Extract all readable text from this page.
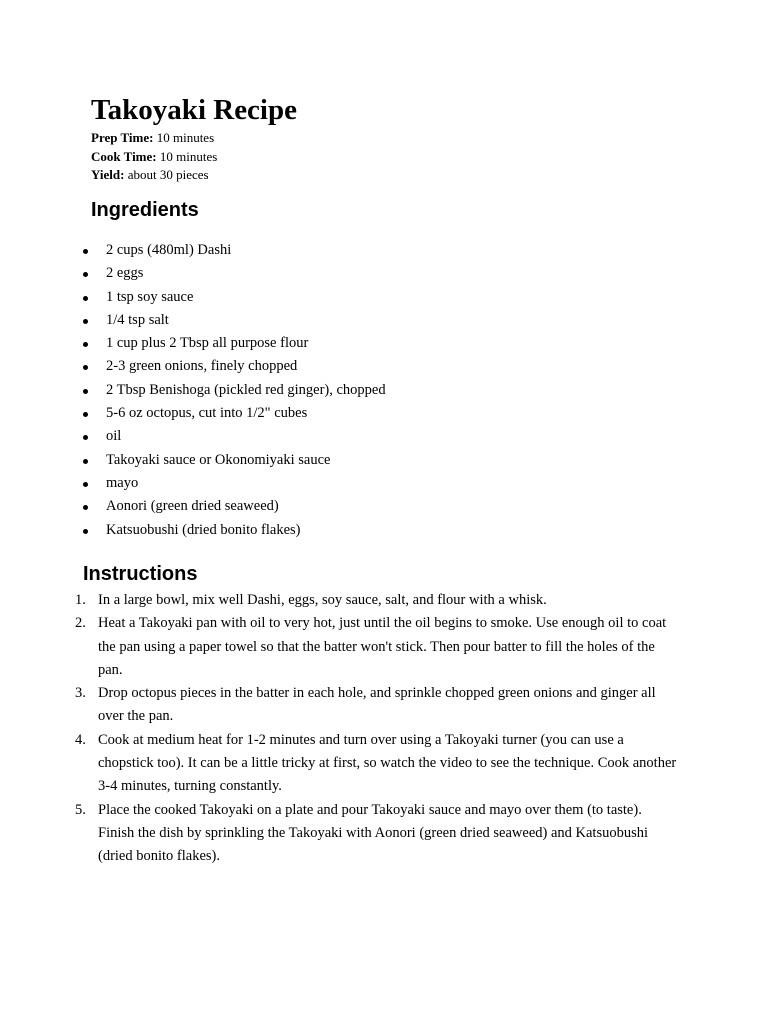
Takoyaki Recipe
Prep Time: 10 minutes
Cook Time: 10 minutes
Yield: about 30 pieces
Ingredients
2 cups (480ml) Dashi
2 eggs
1 tsp soy sauce
1/4 tsp salt
1 cup plus 2 Tbsp all purpose flour
2-3 green onions, finely chopped
2 Tbsp Benishoga (pickled red ginger), chopped
5-6 oz octopus, cut into 1/2" cubes
oil
Takoyaki sauce or Okonomiyaki sauce
mayo
Aonori (green dried seaweed)
Katsuobushi (dried bonito flakes)
Instructions
1. In a large bowl, mix well Dashi, eggs, soy sauce, salt, and flour with a whisk.
2. Heat a Takoyaki pan with oil to very hot, just until the oil begins to smoke. Use enough oil to coat the pan using a paper towel so that the batter won't stick. Then pour batter to fill the holes of the pan.
3. Drop octopus pieces in the batter in each hole, and sprinkle chopped green onions and ginger all over the pan.
4. Cook at medium heat for 1-2 minutes and turn over using a Takoyaki turner (you can use a chopstick too). It can be a little tricky at first, so watch the video to see the technique. Cook another 3-4 minutes, turning constantly.
5. Place the cooked Takoyaki on a plate and pour Takoyaki sauce and mayo over them (to taste). Finish the dish by sprinkling the Takoyaki with Aonori (green dried seaweed) and Katsuobushi (dried bonito flakes).
